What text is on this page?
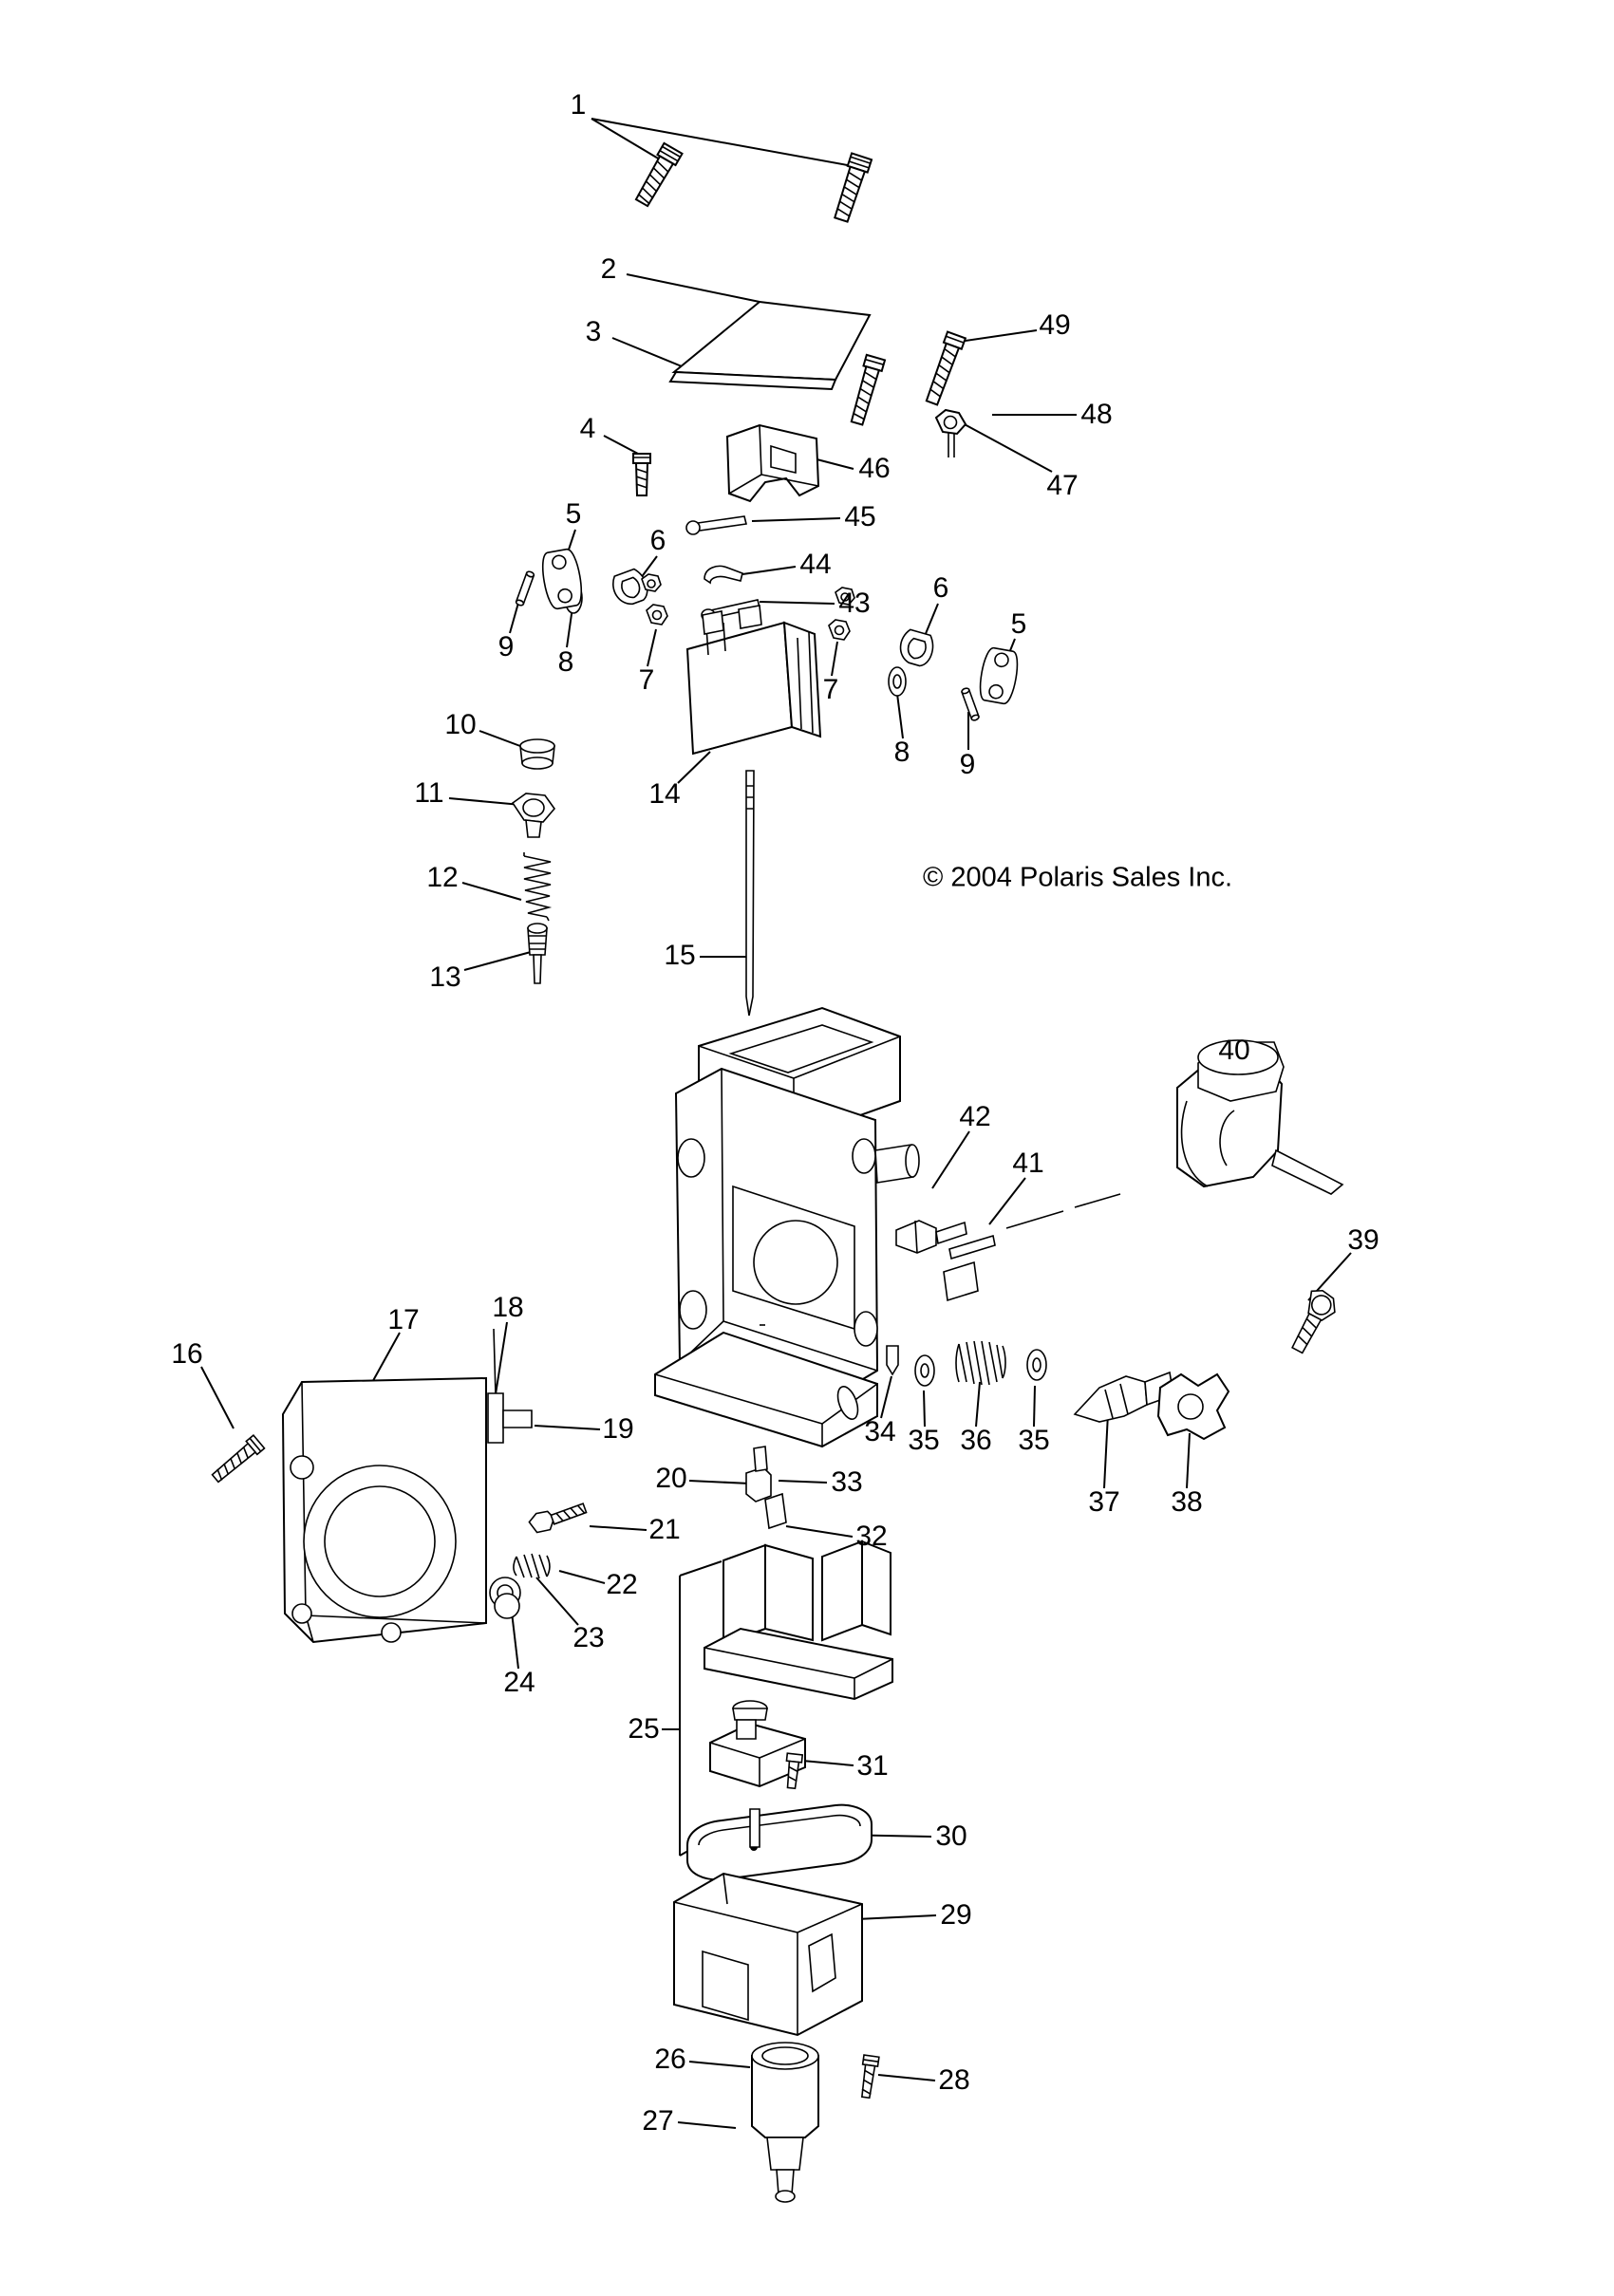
1
2
3
4
5
6
7
8
9
10
11
12
13
14
15
16
17	18
19
20
21
22
23
24
25
26
27
28
29
30
31
32
33
34 35 36 35
37 38
39
40
41
42
43
44
45
46
47
48
49
5
6
7
8 9
© 2004 Polaris Sales Inc.
